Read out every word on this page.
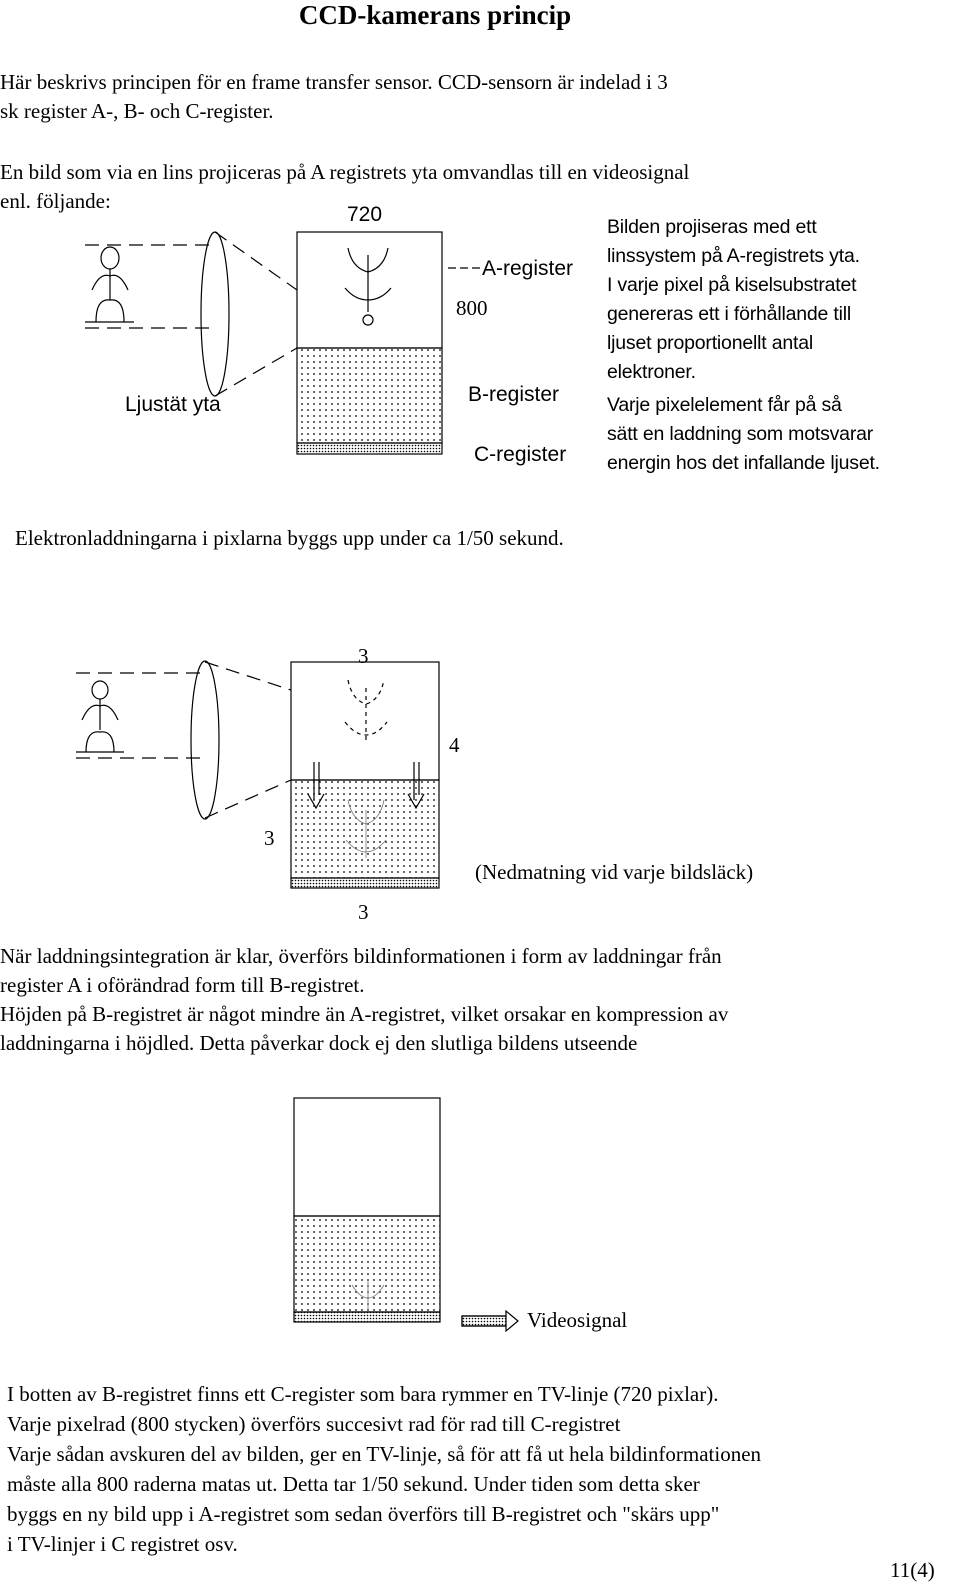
CCD-kamerans princip
Här beskrivs principen för en frame transfer sensor. CCD-sensorn är indelad i 3
sk register A-, B- och C-register.
En bild som via en lins projiceras på A registrets yta omvandlas till en videosignal
enl. följande:
720
A-register
800
B-register
C-register
Ljustät yta
Bilden projiseras med ett
linssystem på A-registrets yta.
I varje pixel på kiselsubstratet
genereras ett i förhållande till
ljuset proportionellt antal
elektroner.
Varje pixelelement får på så
sätt en laddning som motsvarar
energin hos det infallande ljuset.
Elektronladdningarna i pixlarna byggs upp under ca 1/50 sekund.
3
4
3
3
(Nedmatning vid varje bildsläck)
När laddningsintegration är klar, överförs bildinformationen i form av laddningar från
register A i oförändrad form till B-registret.
Höjden på B-registret är något mindre än A-registret, vilket orsakar en kompression av
laddningarna i höjdled. Detta påverkar dock ej den slutliga bildens utseende
Videosignal
I botten av B-registret finns ett C-register som bara rymmer en TV-linje (720 pixlar).
Varje pixelrad (800 stycken) överförs succesivt rad för rad till C-registret
Varje sådan avskuren del av bilden, ger en TV-linje, så för att få ut hela bildinformationen
måste alla 800 raderna matas ut. Detta tar 1/50 sekund. Under tiden som detta sker
byggs en ny bild upp i A-registret som sedan överförs till B-registret och "skärs upp"
i TV-linjer i C registret osv.
11(4)
